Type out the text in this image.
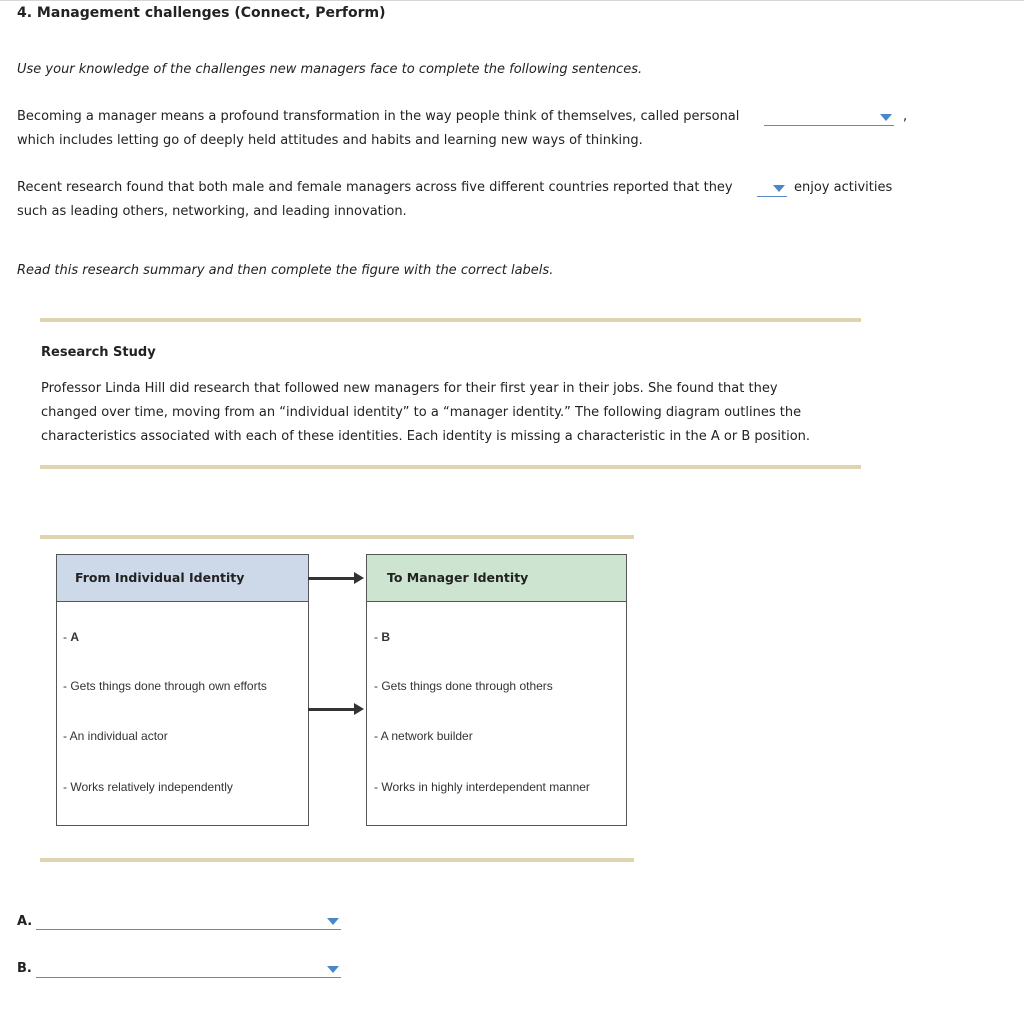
4. Management challenges (Connect, Perform)
Use your knowledge of the challenges new managers face to complete the following sentences.
Becoming a manager means a profound transformation in the way people think of themselves, called personal	,
which includes letting go of deeply held attitudes and habits and learning new ways of thinking.
Recent research found that both male and female managers across five different countries reported that they	enjoy activities
such as leading others, networking, and leading innovation.
Read this research summary and then complete the figure with the correct labels.
Research Study
Professor Linda Hill did research that followed new managers for their first year in their jobs. She found that they
changed over time, moving from an “individual identity” to a “manager identity.” The following diagram outlines the
characteristics associated with each of these identities. Each identity is missing a characteristic in the A or B position.
From Individual Identity
- A
- Gets things done through own efforts
- An individual actor
- Works relatively independently
To Manager Identity
- B
- Gets things done through others
- A network builder
- Works in highly interdependent manner
A.
B.
